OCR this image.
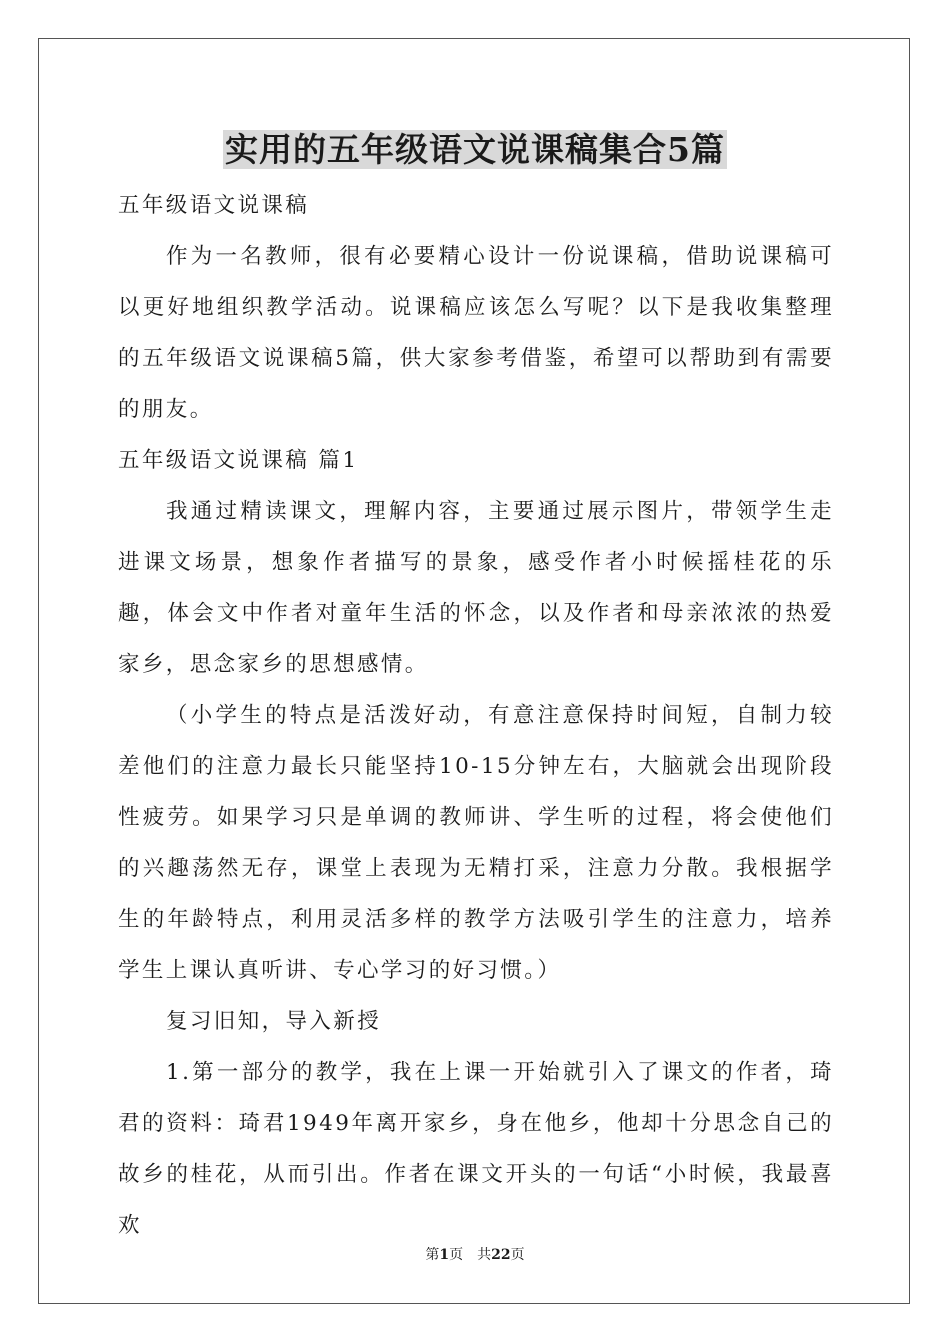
实用的五年级语文说课稿集合5篇

五年级语文说课稿

作为一名教师，很有必要精心设计一份说课稿，借助说课稿可以更好地组织教学活动。说课稿应该怎么写呢？以下是我收集整理的五年级语文说课稿5篇，供大家参考借鉴，希望可以帮助到有需要的朋友。

五年级语文说课稿 篇1

我通过精读课文，理解内容，主要通过展示图片，带领学生走进课文场景，想象作者描写的景象，感受作者小时候摇桂花的乐趣，体会文中作者对童年生活的怀念，以及作者和母亲浓浓的热爱家乡，思念家乡的思想感情。

（小学生的特点是活泼好动，有意注意保持时间短，自制力较差他们的注意力最长只能坚持10-15分钟左右，大脑就会出现阶段性疲劳。如果学习只是单调的教师讲、学生听的过程，将会使他们的兴趣荡然无存，课堂上表现为无精打采，注意力分散。我根据学生的年龄特点，利用灵活多样的教学方法吸引学生的注意力，培养学生上课认真听讲、专心学习的好习惯。）

复习旧知，导入新授

1.第一部分的教学，我在上课一开始就引入了课文的作者，琦君的资料：琦君1949年离开家乡，身在他乡，他却十分思念自己的故乡的桂花，从而引出。作者在课文开头的一句话“小时候，我最喜欢

第1页 共22页
